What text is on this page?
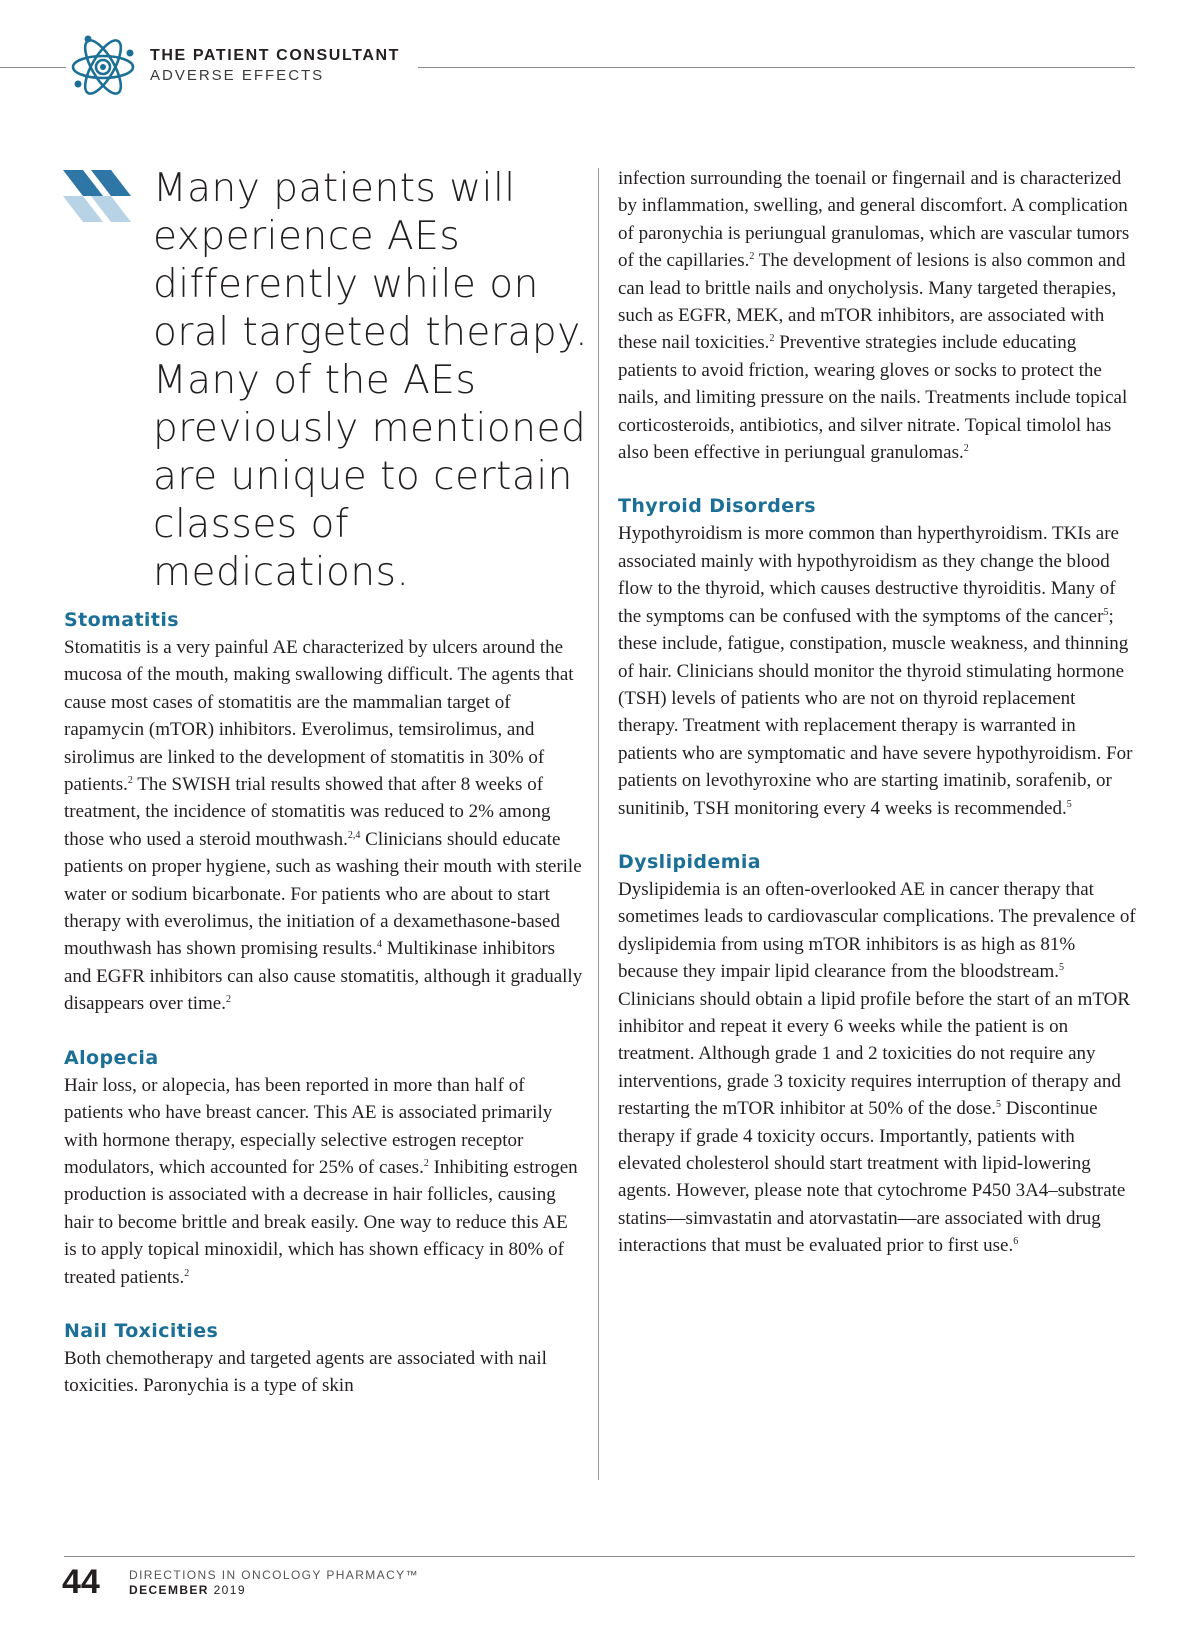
THE PATIENT CONSULTANT
ADVERSE EFFECTS
Many patients will experience AEs differently while on oral targeted therapy. Many of the AEs previously mentioned are unique to certain classes of medications.
Stomatitis

Stomatitis is a very painful AE characterized by ulcers around the mucosa of the mouth, making swallowing difficult. The agents that cause most cases of stomatitis are the mammalian target of rapamycin (mTOR) inhibitors. Everolimus, temsirolimus, and sirolimus are linked to the development of stomatitis in 30% of patients.$^2$ The SWISH trial results showed that after 8 weeks of treatment, the incidence of stomatitis was reduced to 2% among those who used a steroid mouthwash.$^{2,4}$ Clinicians should educate patients on proper hygiene, such as washing their mouth with sterile water or sodium bicarbonate. For patients who are about to start therapy with everolimus, the initiation of a dexamethasone-based mouthwash has shown promising results.$^4$ Multikinase inhibitors and EGFR inhibitors can also cause stomatitis, although it gradually disappears over time.$^2$

Alopecia

Hair loss, or alopecia, has been reported in more than half of patients who have breast cancer. This AE is associated primarily with hormone therapy, especially selective estrogen receptor modulators, which accounted for 25% of cases.$^2$ Inhibiting estrogen production is associated with a decrease in hair follicles, causing hair to become brittle and break easily. One way to reduce this AE is to apply topical minoxidil, which has shown efficacy in 80% of treated patients.$^2$

Nail Toxicities

Both chemotherapy and targeted agents are associated with nail toxicities. Paronychia is a type of skin

infection surrounding the toenail or fingernail and is characterized by inflammation, swelling, and general discomfort. A complication of paronychia is periungual granulomas, which are vascular tumors of the capillaries.$^2$ The development of lesions is also common and can lead to brittle nails and onycholysis. Many targeted therapies, such as EGFR, MEK, and mTOR inhibitors, are associated with these nail toxicities.$^2$ Preventive strategies include educating patients to avoid friction, wearing gloves or socks to protect the nails, and limiting pressure on the nails. Treatments include topical corticosteroids, antibiotics, and silver nitrate. Topical timolol has also been effective in periungual granulomas.$^2$

Thyroid Disorders

Hypothyroidism is more common than hyperthyroidism. TKIs are associated mainly with hypothyroidism as they change the blood flow to the thyroid, which causes destructive thyroiditis. Many of the symptoms can be confused with the symptoms of the cancer$^5$; these include, fatigue, constipation, muscle weakness, and thinning of hair. Clinicians should monitor the thyroid stimulating hormone (TSH) levels of patients who are not on thyroid replacement therapy. Treatment with replacement therapy is warranted in patients who are symptomatic and have severe hypothyroidism. For patients on levothyroxine who are starting imatinib, sorafenib, or sunitinib, TSH monitoring every 4 weeks is recommended.$^5$

Dyslipidemia

Dyslipidemia is an often-overlooked AE in cancer therapy that sometimes leads to cardiovascular complications. The prevalence of dyslipidemia from using mTOR inhibitors is as high as 81% because they impair lipid clearance from the bloodstream.$^5$ Clinicians should obtain a lipid profile before the start of an mTOR inhibitor and repeat it every 6 weeks while the patient is on treatment. Although grade 1 and 2 toxicities do not require any interventions, grade 3 toxicity requires interruption of therapy and restarting the mTOR inhibitor at 50% of the dose.$^5$ Discontinue therapy if grade 4 toxicity occurs. Importantly, patients with elevated cholesterol should start treatment with lipid-lowering agents. However, please note that cytochrome P450 3A4–substrate statins—simvastatin and atorvastatin—are associated with drug interactions that must be evaluated prior to first use.$^6$

44 DIRECTIONS IN ONCOLOGY PHARMACY™
DECEMBER 2019
